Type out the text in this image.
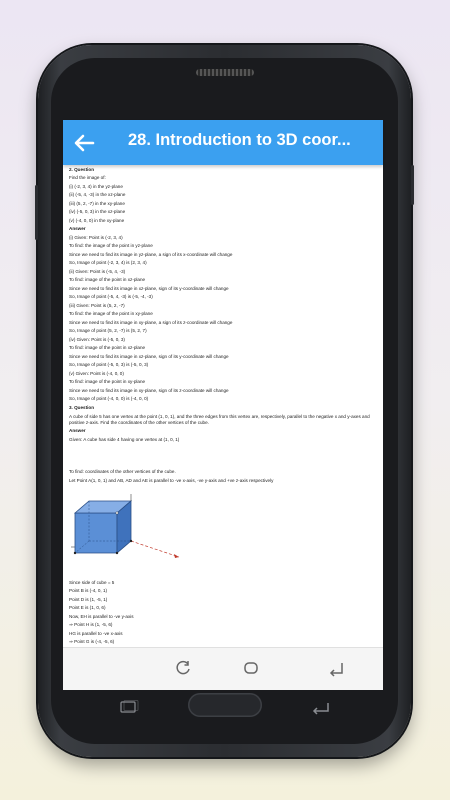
28. Introduction to 3D coor...
2. Question
Find the image of:
(i) (-2, 3, 4) in the yz-plane
(ii) (-5, 4, -3) in the xz-plane
(iii) (5, 2, -7) in the xy-plane
(iv) (-5, 0, 3) in the xz-plane
(v) (-4, 0, 0) in the xy-plane
Answer
(i) Given: Point is (-2, 3, 4)
To find: the image of the point in yz-plane
Since we need to find its image in yz-plane, a sign of its x-coordinate will change
So, Image of point (-2, 3, 4) is (2, 3, 4)
(ii) Given: Point is (-5, 4, -3)
To find: image of the point in xz-plane
Since we need to find its image in xz-plane, sign of its y-coordinate will change
So, Image of point (-5, 4, -3) is (-5, -4, -3)
(iii) Given: Point is (5, 2, -7)
To find: the image of the point in xy-plane
Since we need to find its image in xy-plane, a sign of its z-coordinate will change
So, Image of point (5, 2, -7) is (5, 2, 7)
(iv) Given: Point is (-5, 0, 3)
To find: image of the point in xz-plane
Since we need to find its image in xz-plane, sign of its y-coordinate will change
So, Image of point (-5, 0, 3) is (-5, 0, 3)
(v) Given: Point is (-4, 0, 0)
To find: image of the point in xy-plane
Since we need to find its image in xy-plane, sign of its z-coordinate will change
So, Image of point (-4, 0, 0) is (-4, 0, 0)
3. Question
A cube of side 5 has one vertex at the point (1, 0, 1), and the three edges from this vertex are, respectively, parallel to the negative x and y-axes and positive z-axis. Find the coordinates of the other vertices of the cube.
Answer
Given: A cube has side 4 having one vertex at (1, 0, 1)
To find: coordinates of the other vertices of the cube.
Let Point A(1, 0, 1) and AB, AD and AE is parallel to -ve x-axis, -ve y-axis and +ve z-axis respectively
Since side of cube = 5
Point B is (-4, 0, 1)
Point D is (1, -5, 1)
Point E is (1, 0, 6)
Now, EH is parallel to -ve y-axis
⇒ Point H is (1, -5, 6)
HG is parallel to -ve x-axis
⇒ Point G is (-4, -5, 6)
